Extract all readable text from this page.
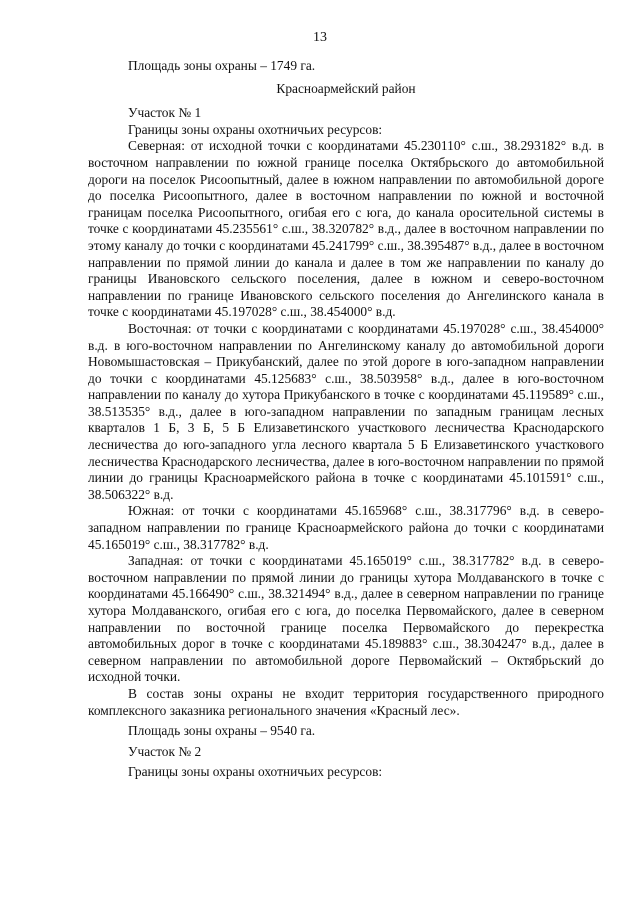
13

Площадь зоны охраны – 1749 га.

Красноармейский район

Участок № 1

Границы зоны охраны охотничьих ресурсов:

Северная: от исходной точки с координатами 45.230110° с.ш., 38.293182° в.д. в восточном направлении по южной границе поселка Октябрьского до автомобильной дороги на поселок Рисоопытный, далее в южном направлении по автомобильной дороге до поселка Рисоопытного, далее в восточном направлении по южной и восточной границам поселка Рисоопытного, огибая его с юга, до канала оросительной системы в точке с координатами 45.235561° с.ш., 38.320782° в.д., далее в восточном направлении по этому каналу до точки с координатами 45.241799° с.ш., 38.395487° в.д., далее в восточном направлении по прямой линии до канала и далее в том же направлении по каналу до границы Ивановского сельского поселения, далее в южном и северо-восточном направлении по границе Ивановского сельского поселения до Ангелинского канала в точке с координатами 45.197028° с.ш., 38.454000° в.д.

Восточная: от точки с координатами с координатами 45.197028° с.ш., 38.454000° в.д. в юго-восточном направлении по Ангелинскому каналу до автомобильной дороги Новомышастовская – Прикубанский, далее по этой дороге в юго-западном направлении до точки с координатами 45.125683° с.ш., 38.503958° в.д., далее в юго-восточном направлении по каналу до хутора Прикубанского в точке с координатами 45.119589° с.ш., 38.513535° в.д., далее в юго-западном направлении по западным границам лесных кварталов 1 Б, 3 Б, 5 Б Елизаветинского участкового лесничества Краснодарского лесничества до юго-западного угла лесного квартала 5 Б Елизаветинского участкового лесничества Краснодарского лесничества, далее в юго-восточном направлении по прямой линии до границы Красноармейского района в точке с координатами 45.101591° с.ш., 38.506322° в.д.

Южная: от точки с координатами 45.165968° с.ш., 38.317796° в.д. в северо-западном направлении по границе Красноармейского района до точки с координатами 45.165019° с.ш., 38.317782° в.д.

Западная: от точки с координатами 45.165019° с.ш., 38.317782° в.д. в северо-восточном направлении по прямой линии до границы хутора Молдаванского в точке с координатами 45.166490° с.ш., 38.321494° в.д., далее в северном направлении по границе хутора Молдаванского, огибая его с юга, до поселка Первомайского, далее в северном направлении по восточной границе поселка Первомайского до перекрестка автомобильных дорог в точке с координатами 45.189883° с.ш., 38.304247° в.д., далее в северном направлении по автомобильной дороге Первомайский – Октябрьский до исходной точки.

В состав зоны охраны не входит территория государственного природного комплексного заказника регионального значения «Красный лес».

Площадь зоны охраны – 9540 га.

Участок № 2

Границы зоны охраны охотничьих ресурсов:
